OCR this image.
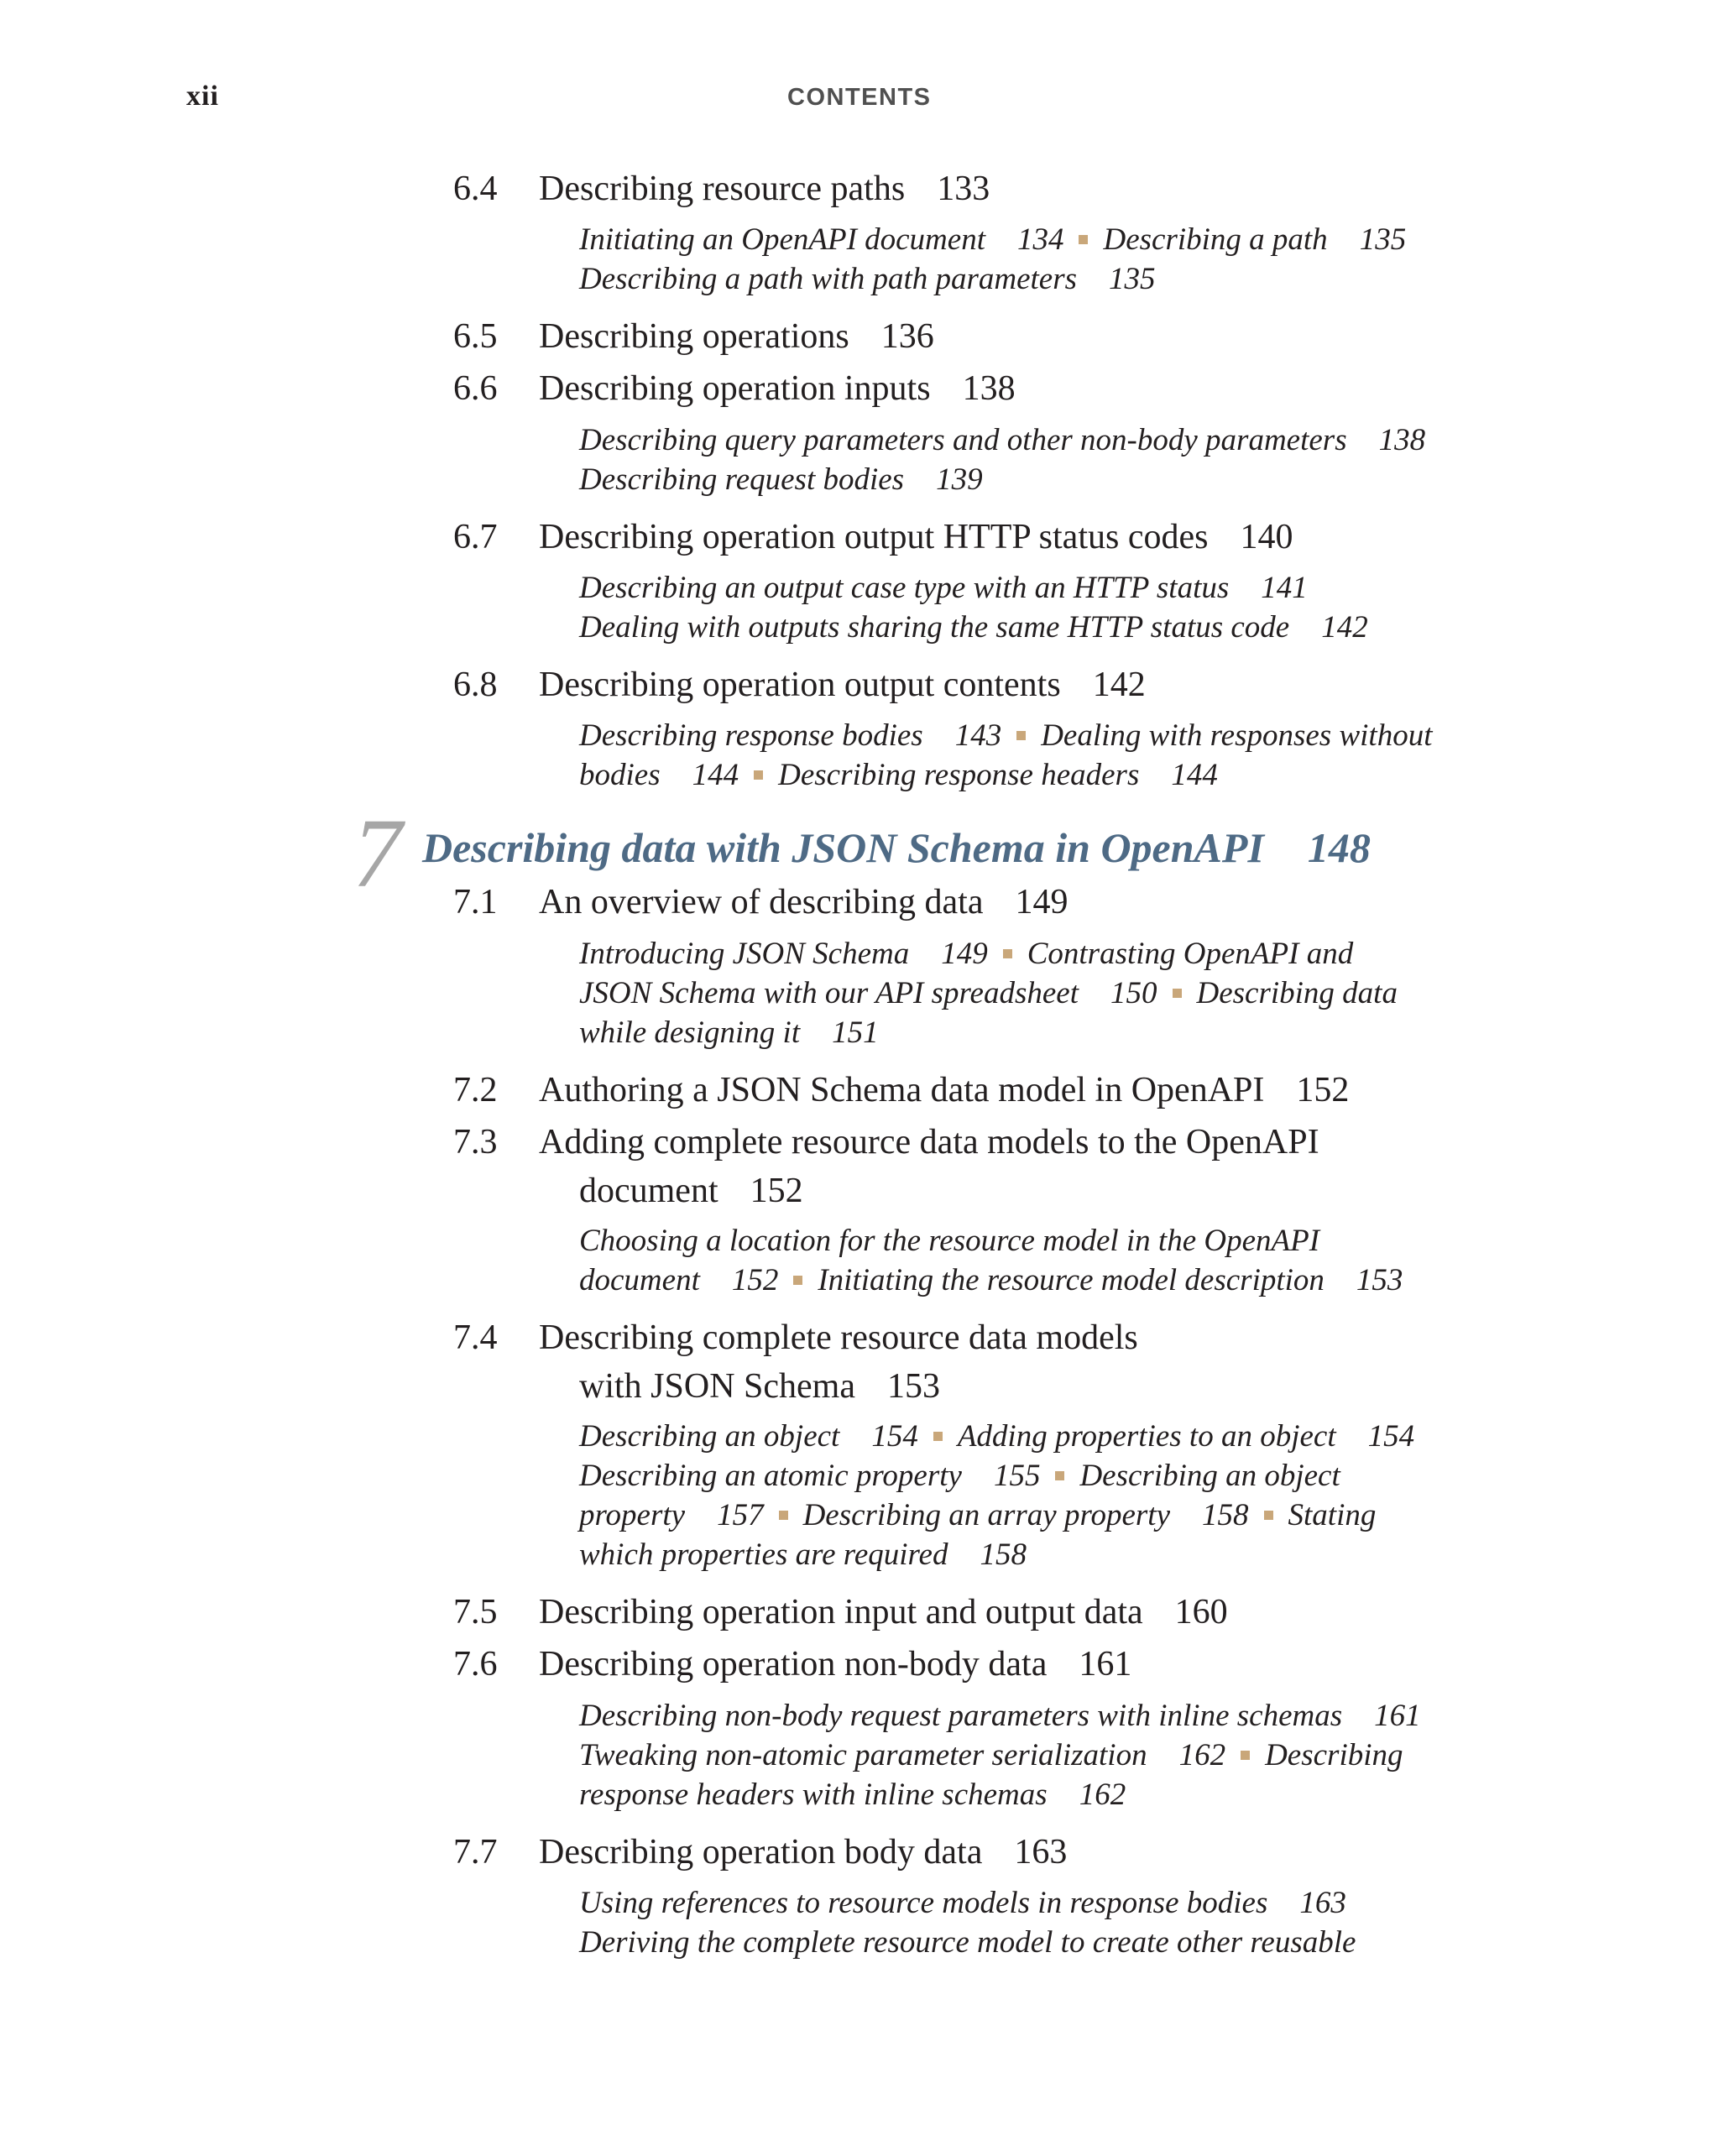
xii	CONTENTS
6.4 Describing resource paths 133
Initiating an OpenAPI document 134 Describing a path 135
Describing a path with path parameters 135
6.5 Describing operations 136
6.6 Describing operation inputs 138
Describing query parameters and other non-body parameters 138
Describing request bodies 139
6.7 Describing operation output HTTP status codes 140
Describing an output case type with an HTTP status 141
Dealing with outputs sharing the same HTTP status code 142
6.8 Describing operation output contents 142
Describing response bodies 143 Dealing with responses without
bodies 144 Describing response headers 144
7 Describing data with JSON Schema in OpenAPI 148
7.1 An overview of describing data 149
Introducing JSON Schema 149 Contrasting OpenAPI and
JSON Schema with our API spreadsheet 150 Describing data
while designing it 151
7.2 Authoring a JSON Schema data model in OpenAPI 152
7.3 Adding complete resource data models to the OpenAPI
document 152
Choosing a location for the resource model in the OpenAPI
document 152 Initiating the resource model description 153
7.4 Describing complete resource data models
with JSON Schema 153
Describing an object 154 Adding properties to an object 154
Describing an atomic property 155 Describing an object
property 157 Describing an array property 158 Stating
which properties are required 158
7.5 Describing operation input and output data 160
7.6 Describing operation non-body data 161
Describing non-body request parameters with inline schemas 161
Tweaking non-atomic parameter serialization 162 Describing
response headers with inline schemas 162
7.7 Describing operation body data 163
Using references to resource models in response bodies 163
Deriving the complete resource model to create other reusable
